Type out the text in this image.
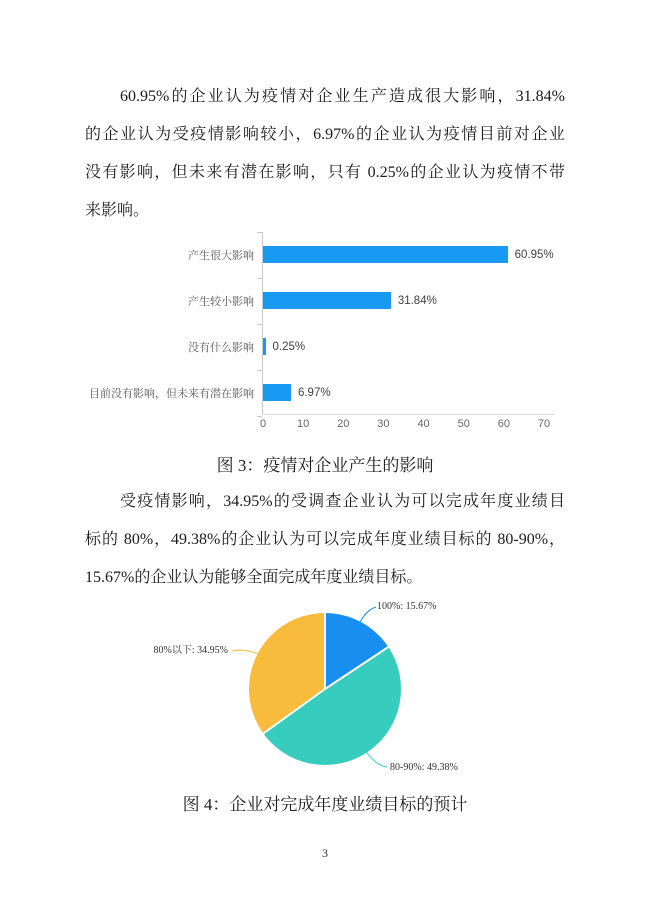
60.95%的企业认为疫情对企业生产造成很大影响，31.84%
的企业认为受疫情影响较小，6.97%的企业认为疫情目前对企业
没有影响，但未来有潜在影响，只有 0.25%的企业认为疫情不带
来影响。
产生很大影响	60.95%
产生较小影响	31.84%
没有什么影响 0.25%
目前没有影响，但未来有潜在影响	6.97%
0	10	20	30	40	50	60	70
图 3：疫情对企业产生的影响
受疫情影响，34.95%的受调查企业认为可以完成年度业绩目
标的 80%，49.38%的企业认为可以完成年度业绩目标的 80-90%，
15.67%的企业认为能够全面完成年度业绩目标。
100%: 15.67%
80-90%: 49.38%
80%以下: 34.95%
图 4：企业对完成年度业绩目标的预计
3
